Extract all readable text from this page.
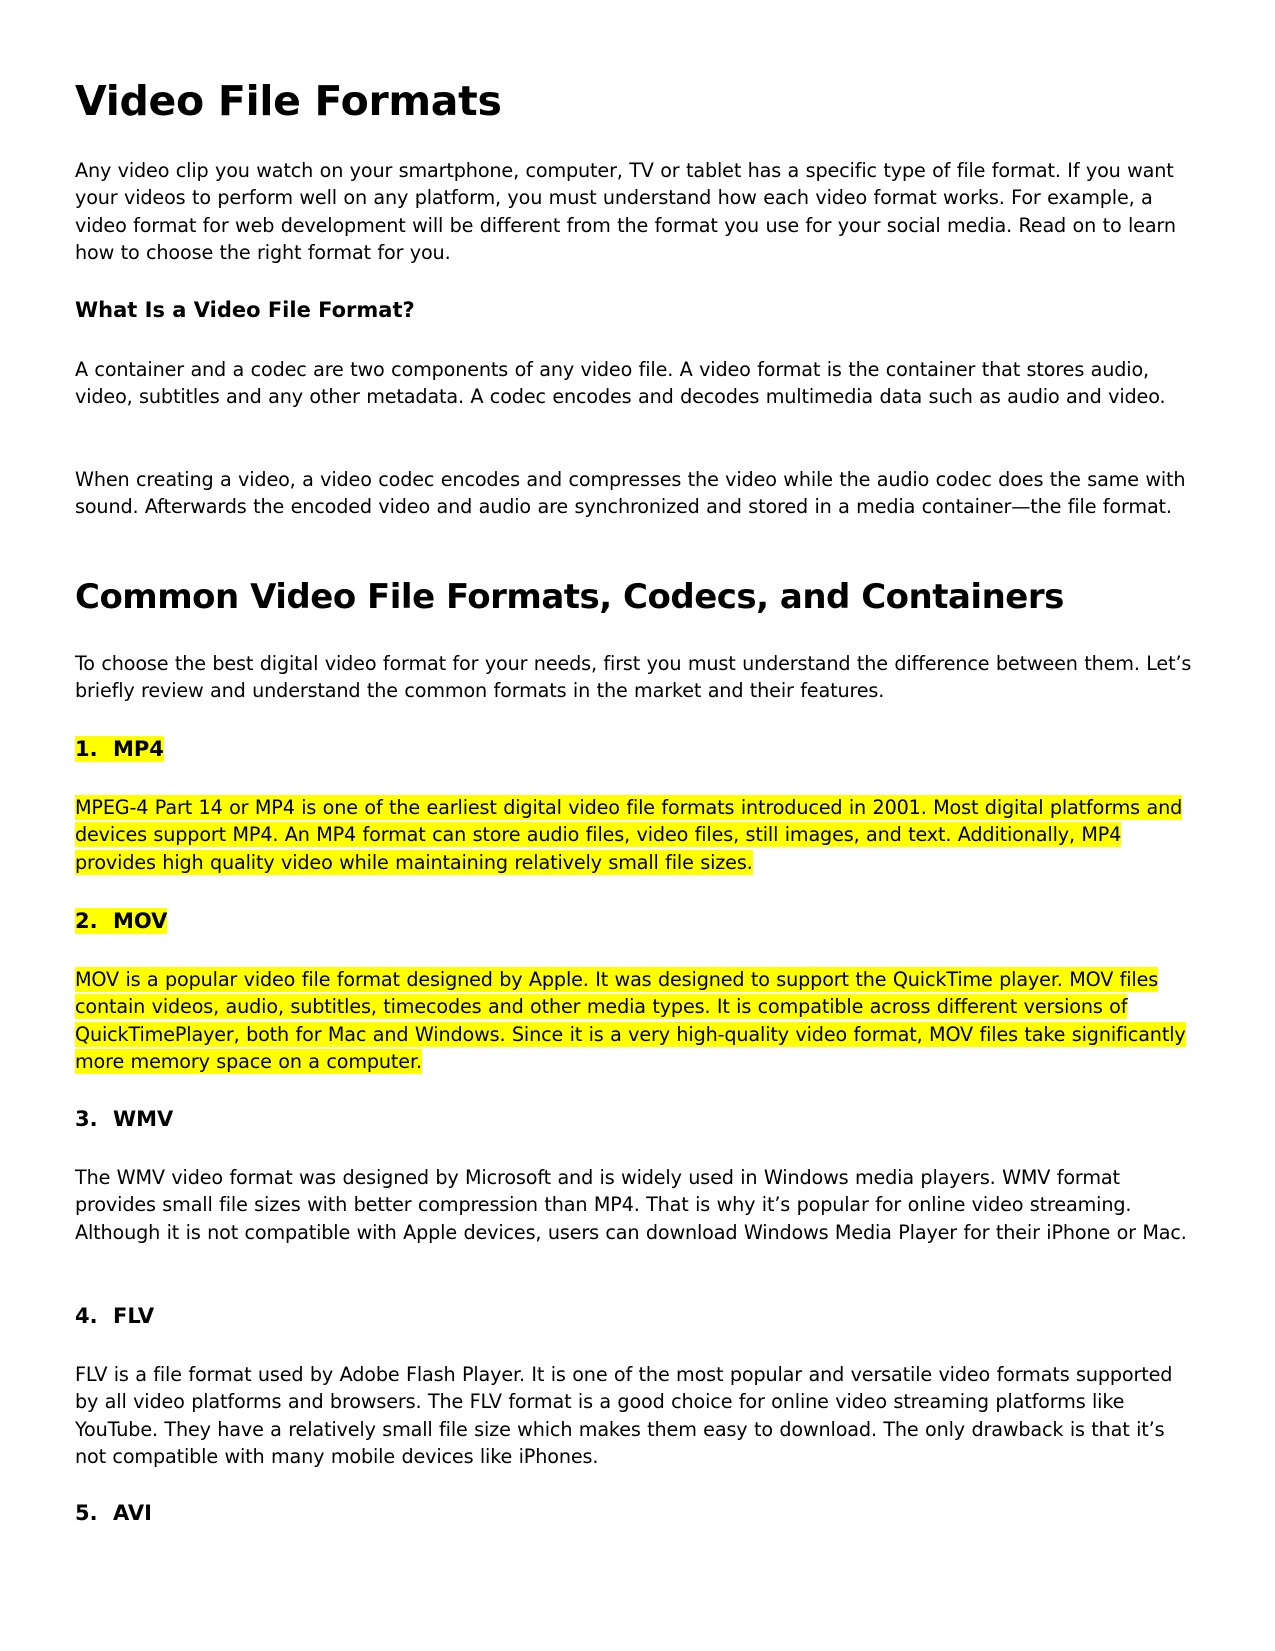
Video File Formats

Any video clip you watch on your smartphone, computer, TV or tablet has a specific type of file format. If you want your videos to perform well on any platform, you must understand how each video format works. For example, a video format for web development will be different from the format you use for your social media. Read on to learn how to choose the right format for you.

What Is a Video File Format?

A container and a codec are two components of any video file. A video format is the container that stores audio, video, subtitles and any other metadata. A codec encodes and decodes multimedia data such as audio and video.

When creating a video, a video codec encodes and compresses the video while the audio codec does the same with sound. Afterwards the encoded video and audio are synchronized and stored in a media container—the file format.

Common Video File Formats, Codecs, and Containers

To choose the best digital video format for your needs, first you must understand the difference between them. Let’s briefly review and understand the common formats in the market and their features.

1. MP4

MPEG-4 Part 14 or MP4 is one of the earliest digital video file formats introduced in 2001. Most digital platforms and devices support MP4. An MP4 format can store audio files, video files, still images, and text. Additionally, MP4 provides high quality video while maintaining relatively small file sizes.

2. MOV

MOV is a popular video file format designed by Apple. It was designed to support the QuickTime player. MOV files contain videos, audio, subtitles, timecodes and other media types. It is compatible across different versions of QuickTimePlayer, both for Mac and Windows. Since it is a very high-quality video format, MOV files take significantly more memory space on a computer.

3. WMV

The WMV video format was designed by Microsoft and is widely used in Windows media players. WMV format provides small file sizes with better compression than MP4. That is why it’s popular for online video streaming. Although it is not compatible with Apple devices, users can download Windows Media Player for their iPhone or Mac.

4. FLV

FLV is a file format used by Adobe Flash Player. It is one of the most popular and versatile video formats supported by all video platforms and browsers. The FLV format is a good choice for online video streaming platforms like YouTube. They have a relatively small file size which makes them easy to download. The only drawback is that it’s not compatible with many mobile devices like iPhones.

5. AVI
